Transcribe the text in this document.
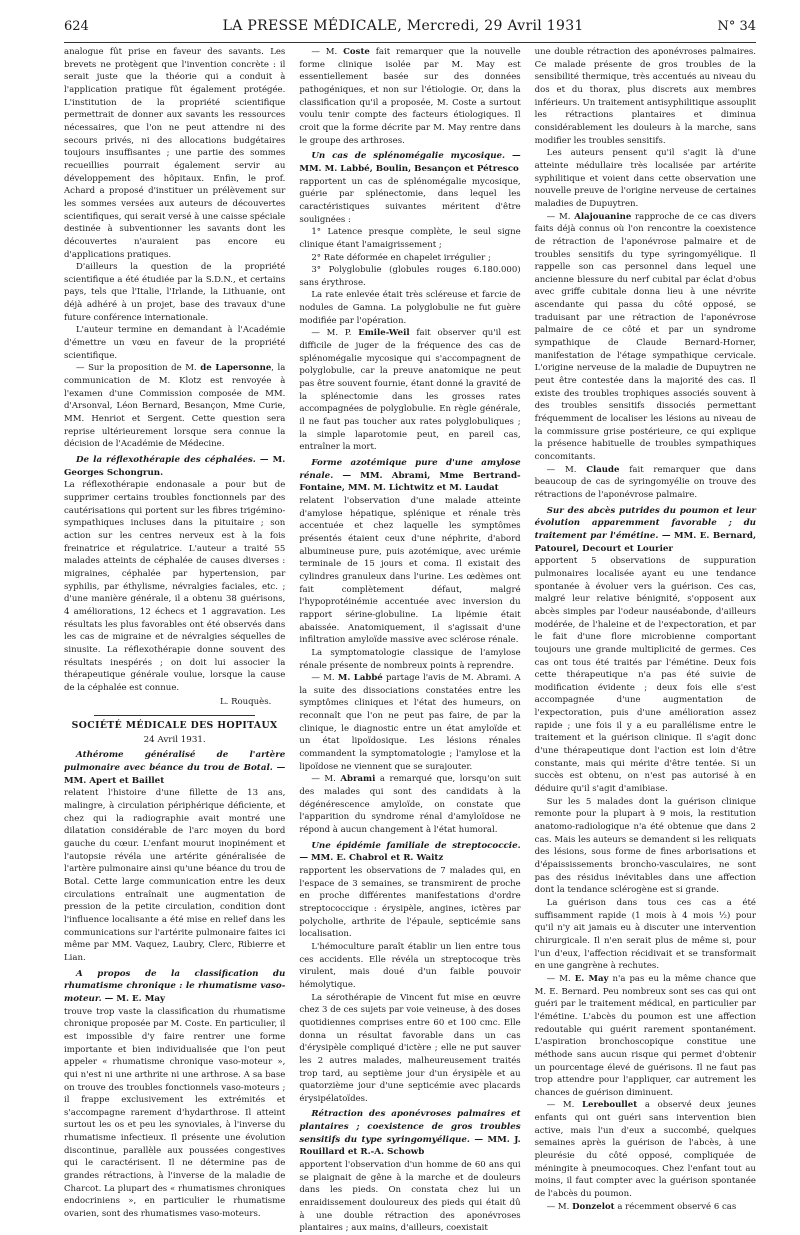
624	LA PRESSE MÉDICALE, Mercredi, 29 Avril 1931	N° 34

analogue fût prise en faveur des savants. Les brevets ne protègent que l'invention concrète : il serait juste que la théorie qui a conduit à l'application pratique fût également protégée. L'institution de la propriété scientifique permettrait de donner aux savants les ressources nécessaires, que l'on ne peut attendre ni des secours privés, ni des allocations budgétaires toujours insuffisantes ; une partie des sommes recueillies pourrait également servir au développement des hôpitaux. Enfin, le prof. Achard a proposé d'instituer un prélèvement sur les sommes versées aux auteurs de découvertes scientifiques, qui serait versé à une caisse spéciale destinée à subventionner les savants dont les découvertes n'auraient pas encore eu d'applications pratiques.

D'ailleurs la question de la propriété scientifique a été étudiée par la S.D.N., et certains pays, tels que l'Italie, l'Irlande, la Lithuanie, ont déjà adhéré à un projet, base des travaux d'une future conférence internationale.

L'auteur termine en demandant à l'Académie d'émettre un vœu en faveur de la propriété scientifique.

— Sur la proposition de M. de Lapersonne, la communication de M. Klotz est renvoyée à l'examen d'une Commission composée de MM. d'Arsonval, Léon Bernard, Besançon, Mme Curie, MM. Henriot et Sergent. Cette question sera reprise ultérieurement lorsque sera connue la décision de l'Académie de Médecine.

De la réflexothérapie des céphalées. — M. Georges Schongrun.

La réflexothérapie endonasale a pour but de supprimer certains troubles fonctionnels par des cautérisations qui portent sur les fibres trigémino-sympathiques incluses dans la pituitaire ; son action sur les centres nerveux est à la fois freinatrice et régulatrice. L'auteur a traité 55 malades atteints de céphalée de causes diverses : migraines, céphalée par hypertension, par syphilis, par éthylisme, névralgies faciales, etc. ; d'une manière générale, il a obtenu 38 guérisons, 4 améliorations, 12 échecs et 1 aggravation. Les résultats les plus favorables ont été observés dans les cas de migraine et de névralgies séquelles de sinusite. La réflexothérapie donne souvent des résultats inespérés ; on doit lui associer la thérapeutique générale voulue, lorsque la cause de la céphalée est connue.

L. Rouquès.

SOCIÉTÉ MÉDICALE DES HOPITAUX
24 Avril 1931.
Athérome généralisé de l'artère pulmonaire avec béance du trou de Botal. — MM. Apert et Baillet

relatent l'histoire d'une fillette de 13 ans, malingre, à circulation périphérique déficiente, et chez qui la radiographie avait montré une dilatation considérable de l'arc moyen du bord gauche du cœur. L'enfant mourut inopinément et l'autopsie révéla une artérite généralisée de l'artère pulmonaire ainsi qu'une béance du trou de Botal. Cette large communication entre les deux circulations entraînait une augmentation de pression de la petite circulation, condition dont l'influence localisante a été mise en relief dans les communications sur l'artérite pulmonaire faites ici même par MM. Vaquez, Laubry, Clerc, Ribierre et Lian.

A propos de la classification du rhumatisme chronique : le rhumatisme vaso-moteur. — M. E. May

trouve trop vaste la classification du rhumatisme chronique proposée par M. Coste. En particulier, il est impossible d'y faire rentrer une forme importante et bien individualisée que l'on peut appeler « rhumatisme chronique vaso-moteur », qui n'est ni une arthrite ni une arthrose. A sa base on trouve des troubles fonctionnels vaso-moteurs ; il frappe exclusivement les extrémités et s'accompagne rarement d'hydarthrose. Il atteint surtout les os et peu les synoviales, à l'inverse du rhumatisme infectieux. Il présente une évolution discontinue, parallèle aux poussées congestives qui le caractérisent. Il ne détermine pas de grandes rétractions, à l'inverse de la maladie de Charcot. La plupart des « rhumatismes chroniques endocriniens », en particulier le rhumatisme ovarien, sont des rhumatismes vaso-moteurs.

— M. Coste fait remarquer que la nouvelle forme clinique isolée par M. May est essentiellement basée sur des données pathogéniques, et non sur l'étiologie. Or, dans la classification qu'il a proposée, M. Coste a surtout voulu tenir compte des facteurs étiologiques. Il croit que la forme décrite par M. May rentre dans le groupe des arthroses.

Un cas de splénomégalie mycosique. — MM. M. Labbé, Boulin, Besançon et Pétresco

rapportent un cas de splénomégalie mycosique, guérie par splénectomie, dans lequel les caractéristiques suivantes méritent d'être soulignées :

1° Latence presque complète, le seul signe clinique étant l'amaigrissement ;

2° Rate déformée en chapelet irrégulier ;

3° Polyglobulie (globules rouges 6.180.000) sans érythrose.

La rate enlevée était très scléreuse et farcie de nodules de Gamna. La polyglobulie ne fut guère modifiée par l'opération.

— M. P. Emile-Weil fait observer qu'il est difficile de juger de la fréquence des cas de splénomégalie mycosique qui s'accompagnent de polyglobulie, car la preuve anatomique ne peut pas être souvent fournie, étant donné la gravité de la splénectomie dans les grosses rates accompagnées de polyglobulie. En règle générale, il ne faut pas toucher aux rates polyglobuliques ; la simple laparotomie peut, en pareil cas, entraîner la mort.

Forme azotémique pure d'une amylose rénale. — MM. Abrami, Mme Bertrand-Fontaine, MM. M. Lichtwitz et M. Laudat

relatent l'observation d'une malade atteinte d'amylose hépatique, splénique et rénale très accentuée et chez laquelle les symptômes présentés étaient ceux d'une néphrite, d'abord albumineuse pure, puis azotémique, avec urémie terminale de 15 jours et coma. Il existait des cylindres granuleux dans l'urine. Les œdèmes ont fait complètement défaut, malgré l'hypoprotéinémie accentuée avec inversion du rapport sérine-globuline. La lipémie était abaissée. Anatomiquement, il s'agissait d'une infiltration amyloïde massive avec sclérose rénale.

La symptomatologie classique de l'amylose rénale présente de nombreux points à reprendre.

— M. M. Labbé partage l'avis de M. Abrami. A la suite des dissociations constatées entre les symptômes cliniques et l'état des humeurs, on reconnaît que l'on ne peut pas faire, de par la clinique, le diagnostic entre un état amyloïde et un état lipoïdosique. Les lésions rénales commandent la symptomatologie ; l'amylose et la lipoïdose ne viennent que se surajouter.

— M. Abrami a remarqué que, lorsqu'on suit des malades qui sont des candidats à la dégénérescence amyloïde, on constate que l'apparition du syndrome rénal d'amyloïdose ne répond à aucun changement à l'état humoral.

Une épidémie familiale de streptococcie. — MM. E. Chabrol et R. Waitz

rapportent les observations de 7 malades qui, en l'espace de 3 semaines, se transmirent de proche en proche différentes manifestations d'ordre streptococcique : érysipèle, angines, ictères par polycholie, arthrite de l'épaule, septicémie sans localisation.

L'hémoculture paraît établir un lien entre tous ces accidents. Elle révéla un streptocoque très virulent, mais doué d'un faible pouvoir hémolytique.

La sérothérapie de Vincent fut mise en œuvre chez 3 de ces sujets par voie veineuse, à des doses quotidiennes comprises entre 60 et 100 cmc. Elle donna un résultat favorable dans un cas d'érysipèle compliqué d'ictère ; elle ne put sauver les 2 autres malades, malheureusement traités trop tard, au septième jour d'un érysipèle et au quatorzième jour d'une septicémie avec placards érysipélatoïdes.

Rétraction des aponévroses palmaires et plantaires ; coexistence de gros troubles sensitifs du type syringomyélique. — MM. J. Rouillard et R.-A. Schowb

apportent l'observation d'un homme de 60 ans qui se plaignait de gêne à la marche et de douleurs dans les pieds. On constata chez lui un enraidissement douloureux des pieds qui était dû à une double rétraction des aponévroses plantaires ; aux mains, d'ailleurs, coexistait

une double rétraction des aponévroses palmaires. Ce malade présente de gros troubles de la sensibilité thermique, très accentués au niveau du dos et du thorax, plus discrets aux membres inférieurs. Un traitement antisyphilitique assouplit les rétractions plantaires et diminua considérablement les douleurs à la marche, sans modifier les troubles sensitifs.

Les auteurs pensent qu'il s'agit là d'une atteinte médullaire très localisée par artérite syphilitique et voient dans cette observation une nouvelle preuve de l'origine nerveuse de certaines maladies de Dupuytren.

— M. Alajouanine rapproche de ce cas divers faits déjà connus où l'on rencontre la coexistence de rétraction de l'aponévrose palmaire et de troubles sensitifs du type syringomyélique. Il rappelle son cas personnel dans lequel une ancienne blessure du nerf cubital par éclat d'obus avec griffe cubitale donna lieu à une névrite ascendante qui passa du côté opposé, se traduisant par une rétraction de l'aponévrose palmaire de ce côté et par un syndrome sympathique de Claude Bernard-Horner, manifestation de l'étage sympathique cervicale. L'origine nerveuse de la maladie de Dupuytren ne peut être contestée dans la majorité des cas. Il existe des troubles trophiques associés souvent à des troubles sensitifs dissociés permettant fréquemment de localiser les lésions au niveau de la commissure grise postérieure, ce qui explique la présence habituelle de troubles sympathiques concomitants.

— M. Claude fait remarquer que dans beaucoup de cas de syringomyélie on trouve des rétractions de l'aponévrose palmaire.

Sur des abcès putrides du poumon et leur évolution apparemment favorable ; du traitement par l'émétine. — MM. E. Bernard, Patourel, Decourt et Lourier

apportent 5 observations de suppuration pulmonaires localisée ayant eu une tendance spontanée à évoluer vers la guérison. Ces cas, malgré leur relative bénignité, s'opposent aux abcès simples par l'odeur nauséabonde, d'ailleurs modérée, de l'haleine et de l'expectoration, et par le fait d'une flore microbienne comportant toujours une grande multiplicité de germes. Ces cas ont tous été traités par l'émétine. Deux fois cette thérapeutique n'a pas été suivie de modification évidente ; deux fois elle s'est accompagnée d'une augmentation de l'expectoration, puis d'une amélioration assez rapide ; une fois il y a eu parallélisme entre le traitement et la guérison clinique. Il s'agit donc d'une thérapeutique dont l'action est loin d'être constante, mais qui mérite d'être tentée. Si un succès est obtenu, on n'est pas autorisé à en déduire qu'il s'agit d'amibiase.

Sur les 5 malades dont la guérison clinique remonte pour la plupart à 9 mois, la restitution anatomo-radiologique n'a été obtenue que dans 2 cas. Mais les auteurs se demandent si les reliquats des lésions, sous forme de fines arborisations et d'épaississements broncho-vasculaires, ne sont pas des résidus inévitables dans une affection dont la tendance sclérogène est si grande.

La guérison dans tous ces cas a été suffisamment rapide (1 mois à 4 mois ½) pour qu'il n'y ait jamais eu à discuter une intervention chirurgicale. Il n'en serait plus de même si, pour l'un d'eux, l'affection récidivait et se transformait en une gangrène à rechutes.

— M. E. May n'a pas eu la même chance que M. E. Bernard. Peu nombreux sont ses cas qui ont guéri par le traitement médical, en particulier par l'émétine. L'abcès du poumon est une affection redoutable qui guérit rarement spontanément. L'aspiration bronchoscopique constitue une méthode sans aucun risque qui permet d'obtenir un pourcentage élevé de guérisons. Il ne faut pas trop attendre pour l'appliquer, car autrement les chances de guérison diminuent.

— M. Lereboullet a observé deux jeunes enfants qui ont guéri sans intervention bien active, mais l'un d'eux a succombé, quelques semaines après la guérison de l'abcès, à une pleurésie du côté opposé, compliquée de méningite à pneumocoques. Chez l'enfant tout au moins, il faut compter avec la guérison spontanée de l'abcès du poumon.

— M. Donzelot a récemment observé 6 cas
